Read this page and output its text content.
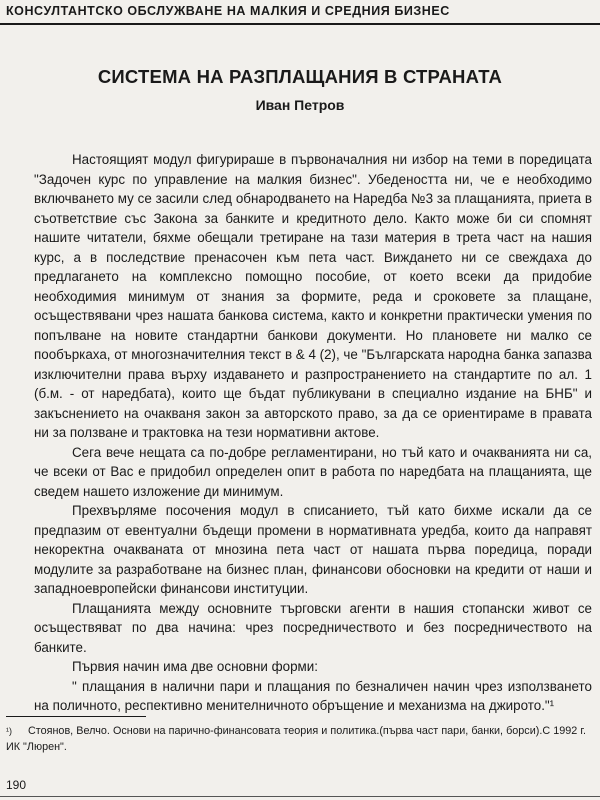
КОНСУЛТАНТСКО ОБСЛУЖВАНЕ НА МАЛКИЯ И СРЕДНИЯ БИЗНЕС
СИСТЕМА НА РАЗПЛАЩАНИЯ В СТРАНАТА
Иван Петров

Настоящият модул фигурираше в първоначалния ни избор на теми в поредицата "Задочен курс по управление на малкия бизнес". Убедеността ни, че е необходимо включването му се засили след обнародването на Наредба №3 за плащанията, приета в съответствие със Закона за банките и кредитното дело. Както може би си спомнят нашите читатели, бяхме обещали третиране на тази материя в трета част на нашия курс, а в последствие пренасочен към пета част. Виждането ни се свеждаха до предлагането на комплексно помощно пособие, от което всеки да придобие необходимия минимум от знания за формите, реда и сроковете за плащане, осъществявани чрез нашата банкова система, както и конкретни практически умения по попълване на новите стандартни банкови документи. Но плановете ни малко се пообъркаха, от многозначителния текст в & 4 (2), че "Българската народна банка запазва изключителни права върху издаването и разпространението на стандартите по ал. 1 (б.м. - от наредбата), които ще бъдат публикувани в специално издание на БНБ" и закъснението на очакваня закон за авторското право, за да се ориентираме в правата ни за ползване и трактовка на тези нормативни актове.

Сега вече нещата са по-добре регламентирани, но тъй като и очакванията ни са, че всеки от Вас е придобил определен опит в работа по наредбата на плащанията, ще сведем нашето изложение ди минимум.

Прехвърляме посочения модул в списанието, тъй като бихме искали да се предпазим от евентуални бъдещи промени в нормативната уредба, които да направят некоректна очакваната от мнозина пета част от нашата първа поредица, поради модулите за разработване на бизнес план, финансови обосновки на кредити от наши и западноевропейски финансови институции.

Плащанията между основните търговски агенти в нашия стопански живот се осъществяват по два начина: чрез посредничеството и без посредничеството на банките.

Първия начин има две основни форми:

" плащания в налични пари и плащания по безналичен начин чрез използването на поличното, респективно менителничното обръщение и механизма на джирото."¹

¹) Стоянов, Велчо. Основи на парично-финансовата теория и политика.(първа част пари, банки, борси).С 1992 г. ИК "Люрен".
190
